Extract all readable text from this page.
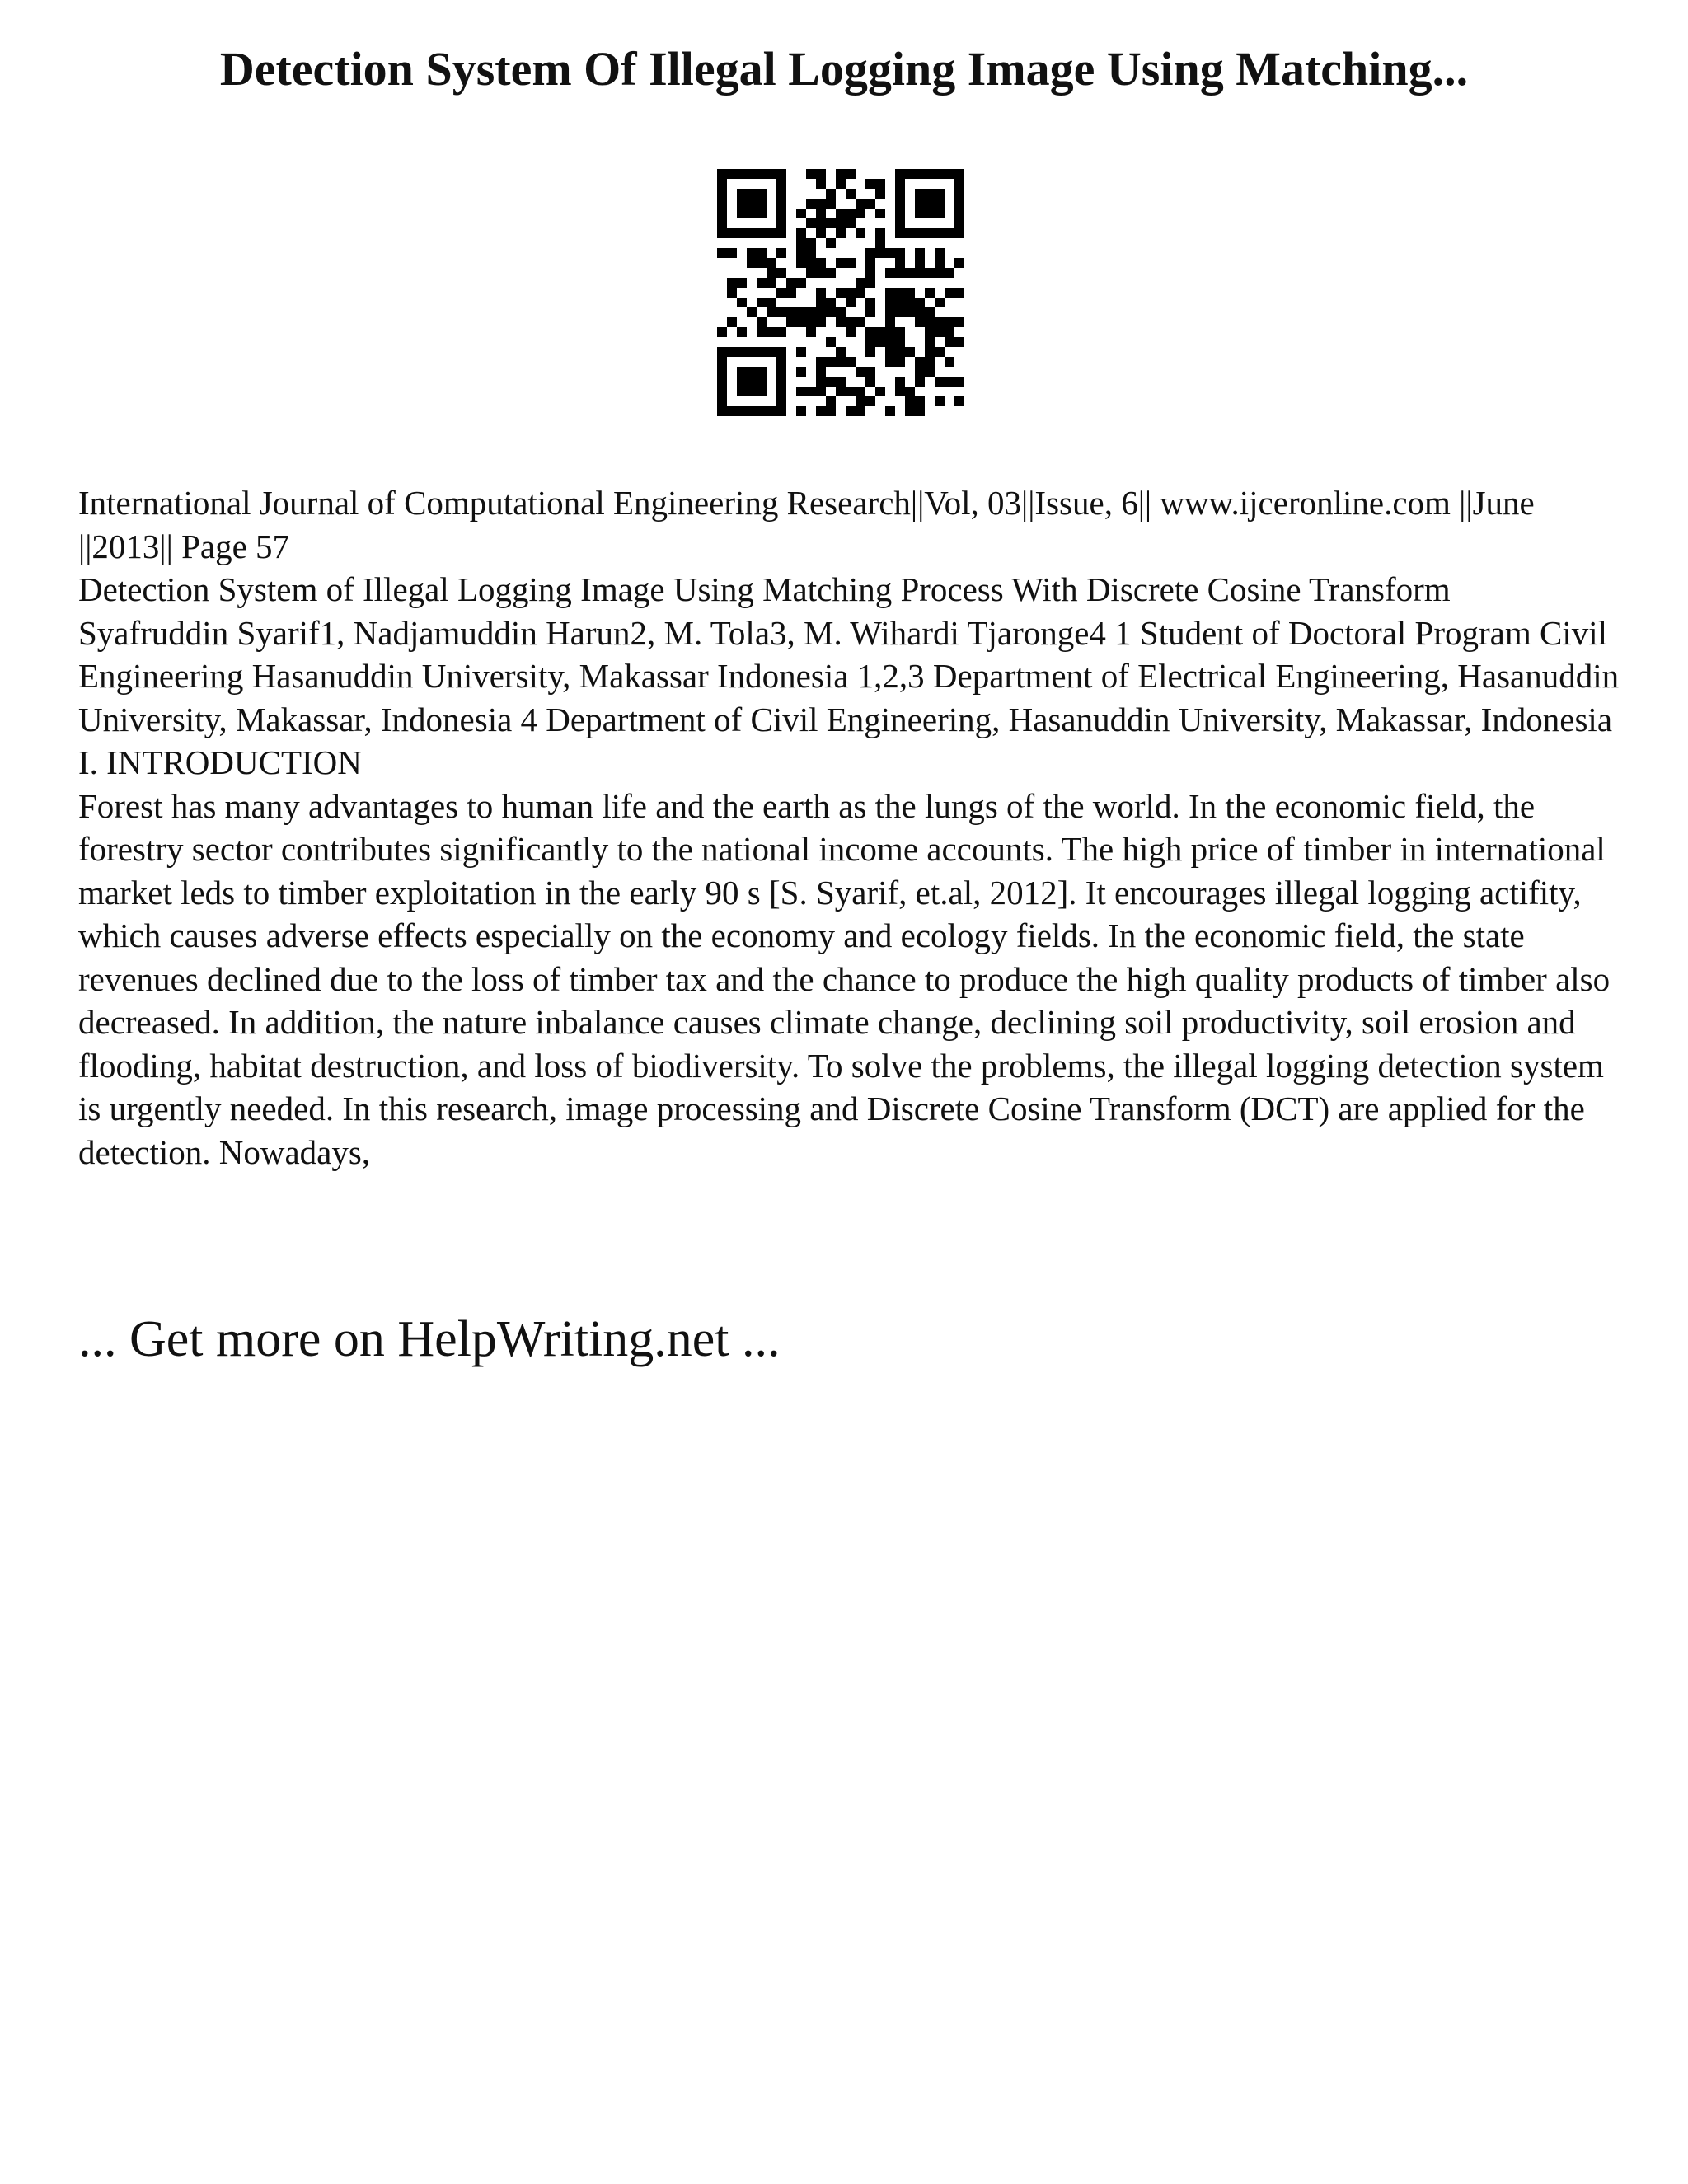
Detection System Of Illegal Logging Image Using Matching...

International Journal of Computational Engineering Research||Vol, 03||Issue, 6|| www.ijceronline.com ||June ||2013|| Page 57

Detection System of Illegal Logging Image Using Matching Process With Discrete Cosine Transform

Syafruddin Syarif1, Nadjamuddin Harun2, M. Tola3, M. Wihardi Tjaronge4 1 Student of Doctoral Program Civil Engineering Hasanuddin University, Makassar Indonesia 1,2,3 Department of Electrical Engineering, Hasanuddin University, Makassar, Indonesia 4 Department of Civil Engineering, Hasanuddin University, Makassar, Indonesia

I. INTRODUCTION

Forest has many advantages to human life and the earth as the lungs of the world. In the economic field, the forestry sector contributes significantly to the national income accounts. The high price of timber in international market leds to timber exploitation in the early 90 s [S. Syarif, et.al, 2012]. It encourages illegal logging actifity, which causes adverse effects especially on the economy and ecology fields. In the economic field, the state revenues declined due to the loss of timber tax and the chance to produce the high quality products of timber also decreased. In addition, the nature inbalance causes climate change, declining soil productivity, soil erosion and flooding, habitat destruction, and loss of biodiversity. To solve the problems, the illegal logging detection system is urgently needed. In this research, image processing and Discrete Cosine Transform (DCT) are applied for the detection. Nowadays,

... Get more on HelpWriting.net ...
